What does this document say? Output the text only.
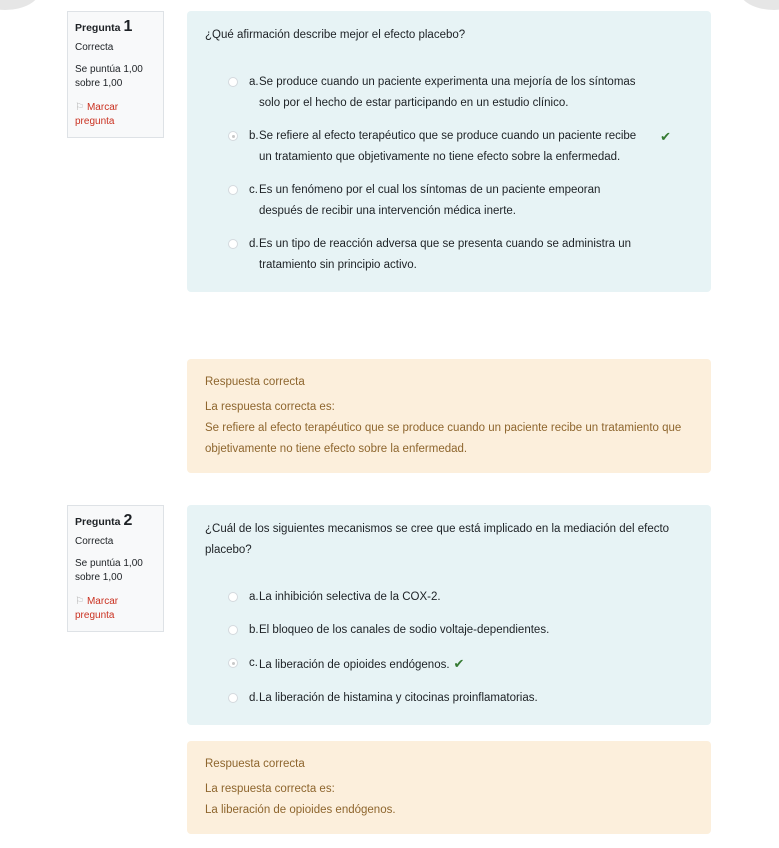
Pregunta 1
Correcta
Se puntúa 1,00 sobre 1,00
⚐ Marcar pregunta
¿Qué afirmación describe mejor el efecto placebo?
a. Se produce cuando un paciente experimenta una mejoría de los síntomas solo por el hecho de estar participando en un estudio clínico.
b. Se refiere al efecto terapéutico que se produce cuando un paciente recibe un tratamiento que objetivamente no tiene efecto sobre la enfermedad.
✔
c. Es un fenómeno por el cual los síntomas de un paciente empeoran después de recibir una intervención médica inerte.
d. Es un tipo de reacción adversa que se presenta cuando se administra un tratamiento sin principio activo.
Respuesta correcta
La respuesta correcta es:
Se refiere al efecto terapéutico que se produce cuando un paciente recibe un tratamiento que objetivamente no tiene efecto sobre la enfermedad.
Pregunta 2
Correcta
Se puntúa 1,00 sobre 1,00
⚐ Marcar pregunta
¿Cuál de los siguientes mecanismos se cree que está implicado en la mediación del efecto placebo?
a. La inhibición selectiva de la COX-2.
b. El bloqueo de los canales de sodio voltaje-dependientes.
c. La liberación de opioides endógenos. ✔
d. La liberación de histamina y citocinas proinflamatorias.
Respuesta correcta
La respuesta correcta es:
La liberación de opioides endógenos.
